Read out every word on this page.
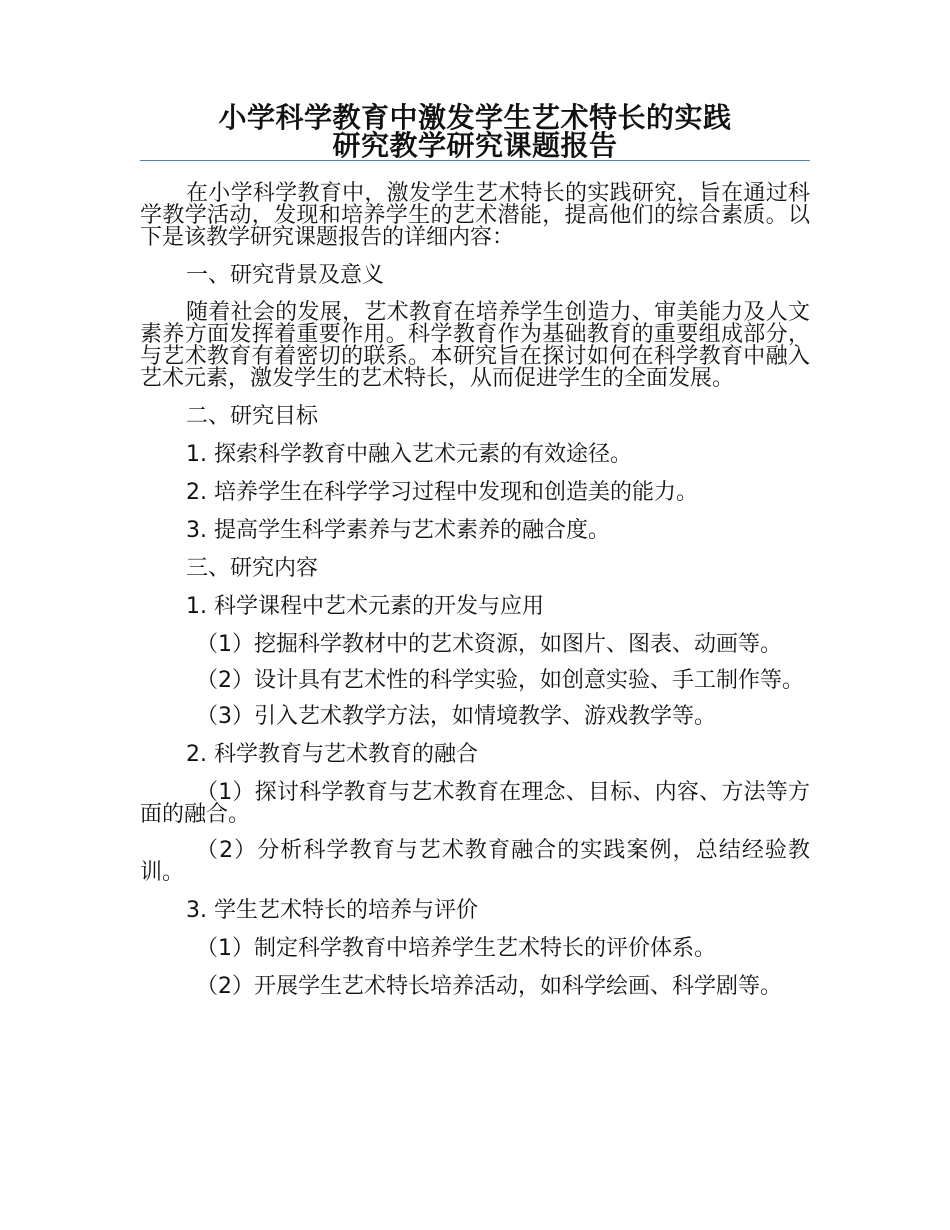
小学科学教育中激发学生艺术特长的实践
研究教学研究课题报告

在小学科学教育中，激发学生艺术特长的实践研究，旨在通过科学教学活动，发现和培养学生的艺术潜能，提高他们的综合素质。以下是该教学研究课题报告的详细内容：

一、研究背景及意义

随着社会的发展，艺术教育在培养学生创造力、审美能力及人文素养方面发挥着重要作用。科学教育作为基础教育的重要组成部分，与艺术教育有着密切的联系。本研究旨在探讨如何在科学教育中融入艺术元素，激发学生的艺术特长，从而促进学生的全面发展。

二、研究目标

1. 探索科学教育中融入艺术元素的有效途径。

2. 培养学生在科学学习过程中发现和创造美的能力。

3. 提高学生科学素养与艺术素养的融合度。

三、研究内容

1. 科学课程中艺术元素的开发与应用

（1）挖掘科学教材中的艺术资源，如图片、图表、动画等。

（2）设计具有艺术性的科学实验，如创意实验、手工制作等。

（3）引入艺术教学方法，如情境教学、游戏教学等。

2. 科学教育与艺术教育的融合

（1）探讨科学教育与艺术教育在理念、目标、内容、方法等方面的融合。

（2）分析科学教育与艺术教育融合的实践案例，总结经验教训。

3. 学生艺术特长的培养与评价

（1）制定科学教育中培养学生艺术特长的评价体系。

（2）开展学生艺术特长培养活动，如科学绘画、科学剧等。
